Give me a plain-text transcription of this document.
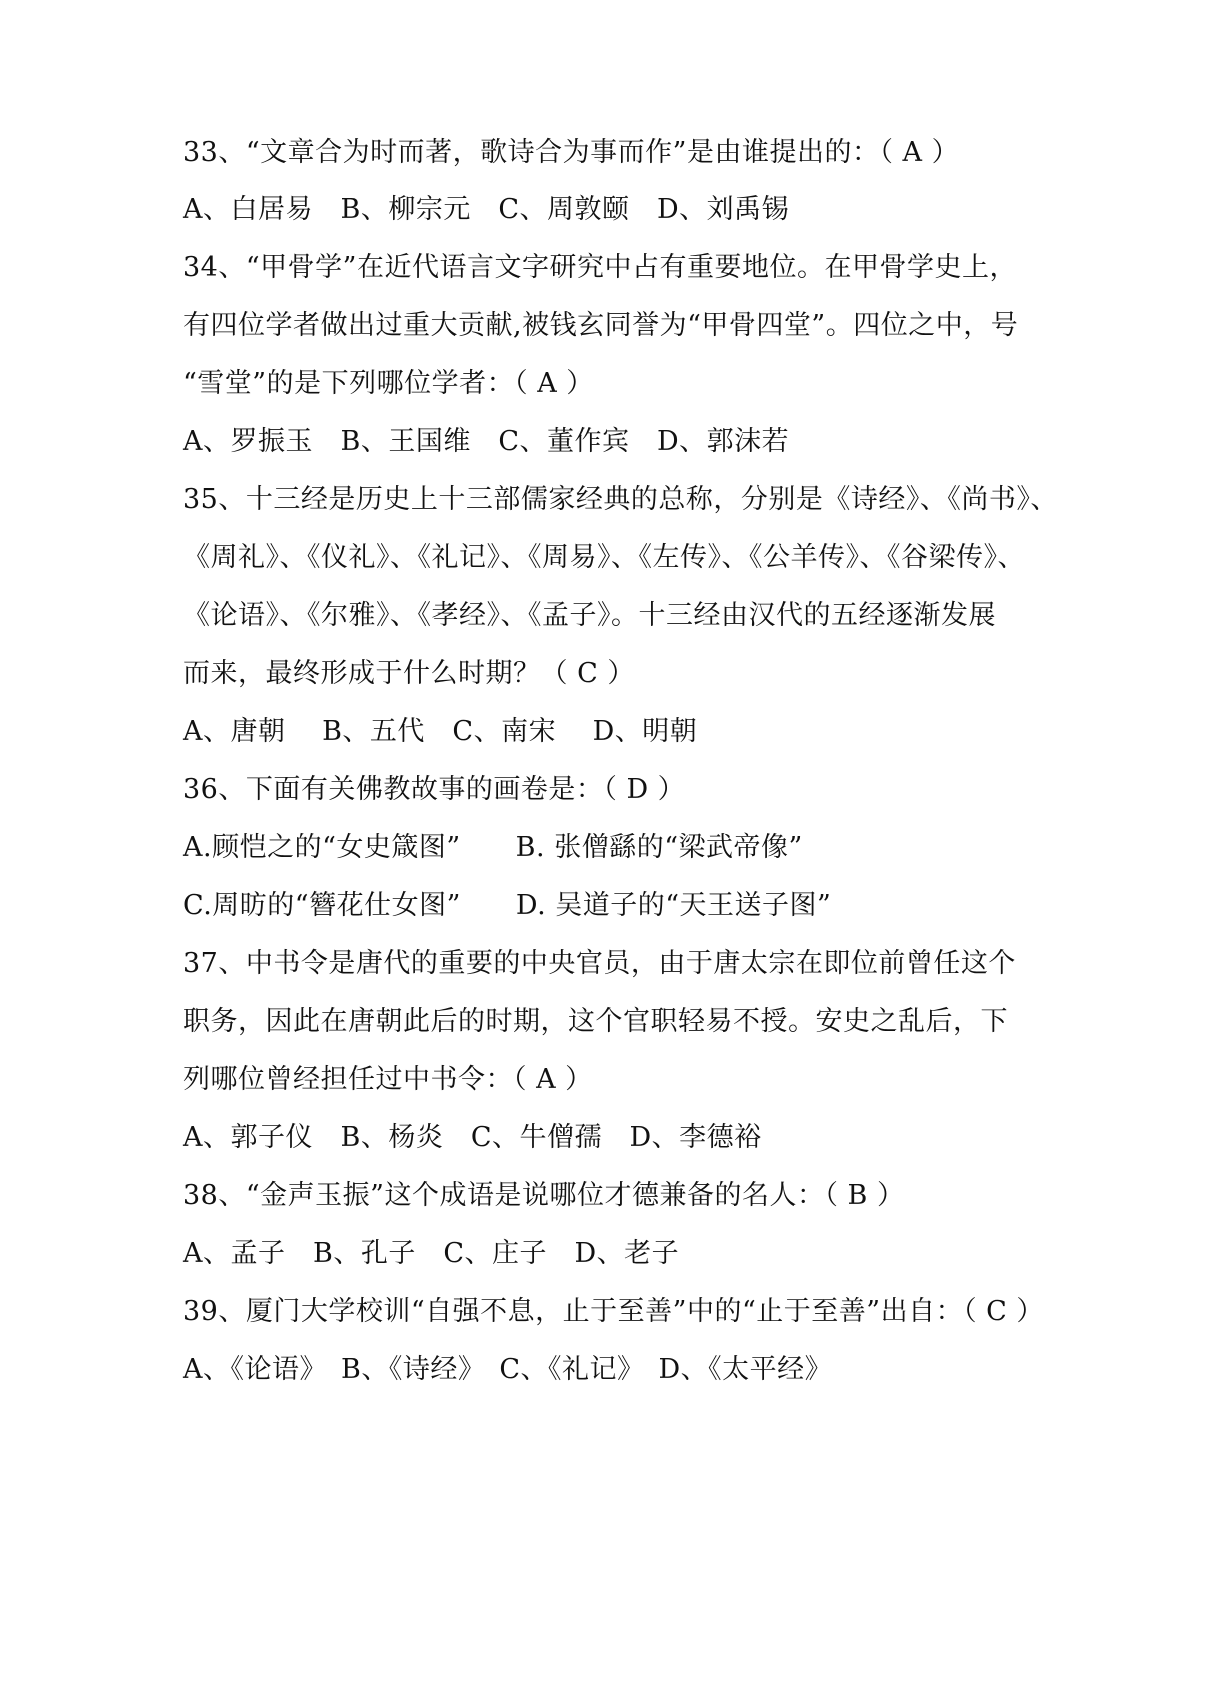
33、“文章合为时而著，歌诗合为事而作”是由谁提出的：（ A ）
A、白居易　B、柳宗元　C、周敦颐　D、刘禹锡
34、“甲骨学”在近代语言文字研究中占有重要地位。在甲骨学史上，
有四位学者做出过重大贡献,被钱玄同誉为“甲骨四堂”。四位之中，号
“雪堂”的是下列哪位学者：（ A ）
A、罗振玉　B、王国维　C、董作宾　D、郭沫若
35、十三经是历史上十三部儒家经典的总称，分别是《诗经》、《尚书》、
《周礼》、《仪礼》、《礼记》、《周易》、《左传》、《公羊传》、《谷梁传》、
《论语》、《尔雅》、《孝经》、《孟子》。十三经由汉代的五经逐渐发展
而来，最终形成于什么时期？（ C ）
A、唐朝　 B、五代　C、南宋　 D、明朝
36、下面有关佛教故事的画卷是：（ D ）
A.顾恺之的“女史箴图”　　B. 张僧繇的“梁武帝像”
C.周昉的“簪花仕女图”　　D. 吴道子的“天王送子图”
37、中书令是唐代的重要的中央官员，由于唐太宗在即位前曾任这个
职务，因此在唐朝此后的时期，这个官职轻易不授。安史之乱后，下
列哪位曾经担任过中书令：（ A ）
A、郭子仪　B、杨炎　C、牛僧孺　D、李德裕
38、“金声玉振”这个成语是说哪位才德兼备的名人：（ B ）
A、孟子　B、孔子　C、庄子　D、老子
39、厦门大学校训“自强不息，止于至善”中的“止于至善”出自：（ C ）
A、《论语》　B、《诗经》　C、《礼记》　D、《太平经》
